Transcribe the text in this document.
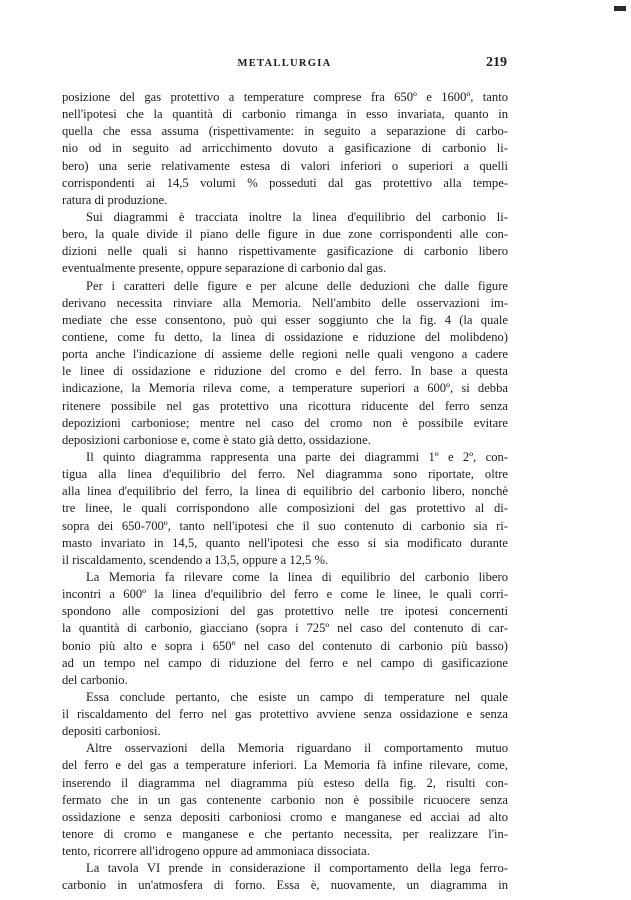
METALLURGIA	219
posizione del gas protettivo a temperature comprese fra 650º e 1600º, tanto
nell'ipotesi che la quantità di carbonio rimanga in esso invariata, quanto in
quella che essa assuma (rispettivamente: in seguito a separazione di carbo-
nio od in seguito ad arricchimento dovuto a gasificazione di carbonio li-
bero) una serie relativamente estesa di valori inferiori o superiori a quelli
corrispondenti ai 14,5 volumi % posseduti dal gas protettivo alla tempe-
ratura di produzione.
Sui diagrammi è tracciata inoltre la linea d'equilibrio del carbonio li-
bero, la quale divide il piano delle figure in due zone corrispondenti alle con-
dizioni nelle quali si hanno rispettivamente gasificazione di carbonio libero
eventualmente presente, oppure separazione di carbonio dal gas.
Per i caratteri delle figure e per alcune delle deduzioni che dalle figure
derivano necessita rinviare alla Memoria. Nell'ambito delle osservazioni im-
mediate che esse consentono, può qui esser soggiunto che la fig. 4 (la quale
contiene, come fu detto, la linea di ossidazione e riduzione del molibdeno)
porta anche l'indicazione di assieme delle regioni nelle quali vengono a cadere
le linee di ossidazione e riduzione del cromo e del ferro. In base a questa
indicazione, la Memoria rileva come, a temperature superiori a 600º, si debba
ritenere possibile nel gas protettivo una ricottura riducente del ferro senza
depozizioni carboniose; mentre nel caso del cromo non è possibile evitare
deposizioni carboniose e, come è stato già detto, ossidazione.
Il quinto diagramma rappresenta una parte dei diagrammi 1º e 2º, con-
tigua alla linea d'equilibrio del ferro. Nel diagramma sono riportate, oltre
alla linea d'equilibrio del ferro, la linea di equilibrio del carbonio libero, nonchè
tre linee, le quali corrispondono alle composizioni del gas protettivo al di-
sopra dei 650-700º, tanto nell'ipotesi che il suo contenuto di carbonio sia ri-
masto invariato in 14,5, quanto nell'ipotesi che esso si sia modificato durante
il riscaldamento, scendendo a 13,5, oppure a 12,5 %.
La Memoria fa rilevare come la linea di equilibrio del carbonio libero
incontri a 600º la linea d'equilibrio del ferro e come le linee, le quali corri-
spondono alle composizioni del gas protettivo nelle tre ipotesi concernenti
la quantità di carbonio, giacciano (sopra i 725º nel caso del contenuto di car-
bonio più alto e sopra i 650º nel caso del contenuto di carbonio più basso)
ad un tempo nel campo di riduzione del ferro e nel campo di gasificazione
del carbonio.
Essa conclude pertanto, che esiste un campo di temperature nel quale
il riscaldamento del ferro nel gas protettivo avviene senza ossidazione e senza
depositi carboniosi.
Altre osservazioni della Memoria riguardano il comportamento mutuo
del ferro e del gas a temperature inferiori. La Memoria fà infine rilevare, come,
inserendo il diagramma nel diagramma più esteso della fig. 2, risulti con-
fermato che in un gas contenente carbonio non è possibile ricuocere senza
ossidazione e senza depositi carboniosi cromo e manganese ed acciai ad alto
tenore di cromo e manganese e che pertanto necessita, per realizzare l'in-
tento, ricorrere all'idrogeno oppure ad ammoniaca dissociata.
La tavola VI prende in considerazione il comportamento della lega ferro-
carbonio in un'atmosfera di forno. Essa è, nuovamente, un diagramma in
